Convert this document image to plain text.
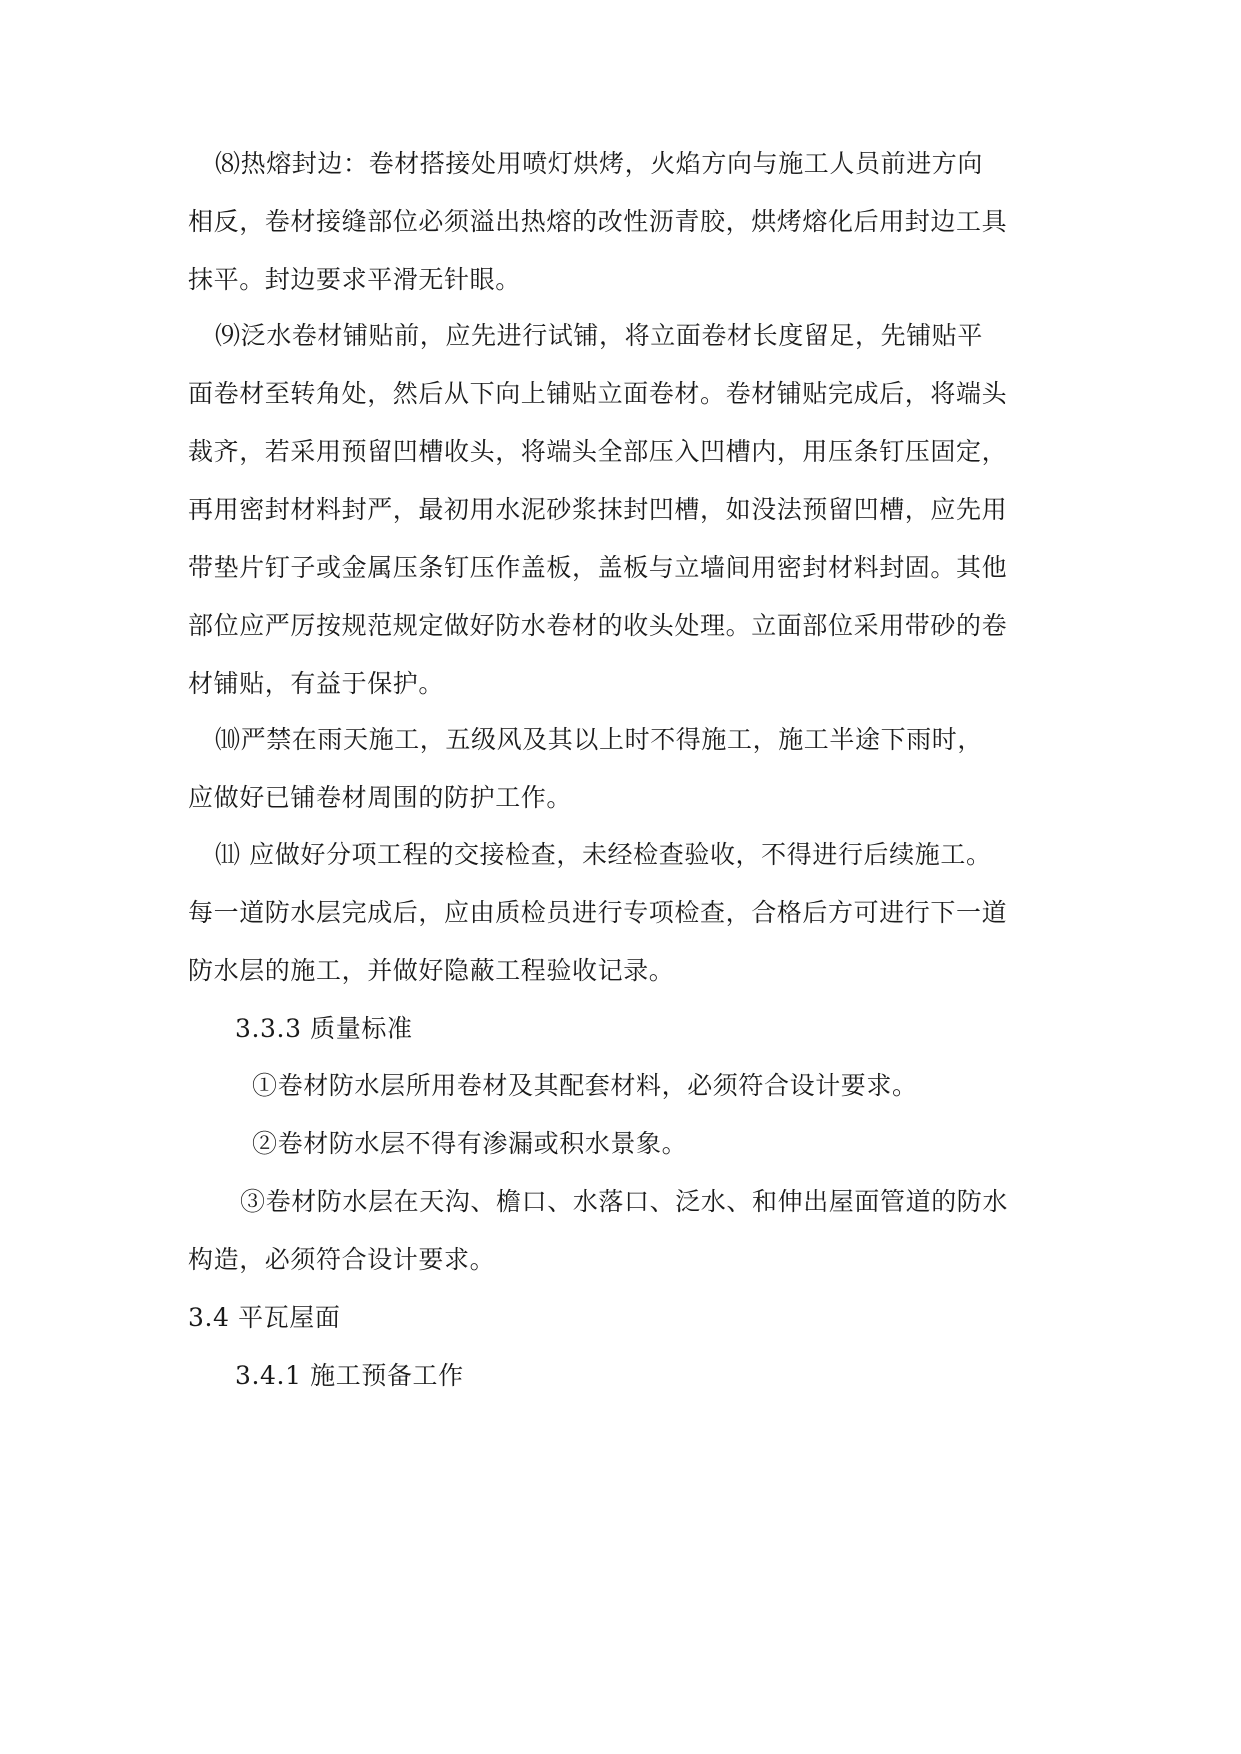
⑻热熔封边：卷材搭接处用喷灯烘烤，火焰方向与施工人员前进方向
相反，卷材接缝部位必须溢出热熔的改性沥青胶，烘烤熔化后用封边工具
抹平。封边要求平滑无针眼。
⑼泛水卷材铺贴前，应先进行试铺，将立面卷材长度留足，先铺贴平
面卷材至转角处，然后从下向上铺贴立面卷材。卷材铺贴完成后，将端头
裁齐，若采用预留凹槽收头，将端头全部压入凹槽内，用压条钉压固定，
再用密封材料封严，最初用水泥砂浆抹封凹槽，如没法预留凹槽，应先用
带垫片钉子或金属压条钉压作盖板，盖板与立墙间用密封材料封固。其他
部位应严厉按规范规定做好防水卷材的收头处理。立面部位采用带砂的卷
材铺贴，有益于保护。
⑽严禁在雨天施工，五级风及其以上时不得施工，施工半途下雨时，
应做好已铺卷材周围的防护工作。
⑾ 应做好分项工程的交接检查，未经检查验收，不得进行后续施工。
每一道防水层完成后，应由质检员进行专项检查，合格后方可进行下一道
防水层的施工，并做好隐蔽工程验收记录。
3.3.3 质量标准
①卷材防水层所用卷材及其配套材料，必须符合设计要求。
②卷材防水层不得有渗漏或积水景象。
③卷材防水层在天沟、檐口、水落口、泛水、和伸出屋面管道的防水
构造，必须符合设计要求。
3.4 平瓦屋面
3.4.1 施工预备工作
